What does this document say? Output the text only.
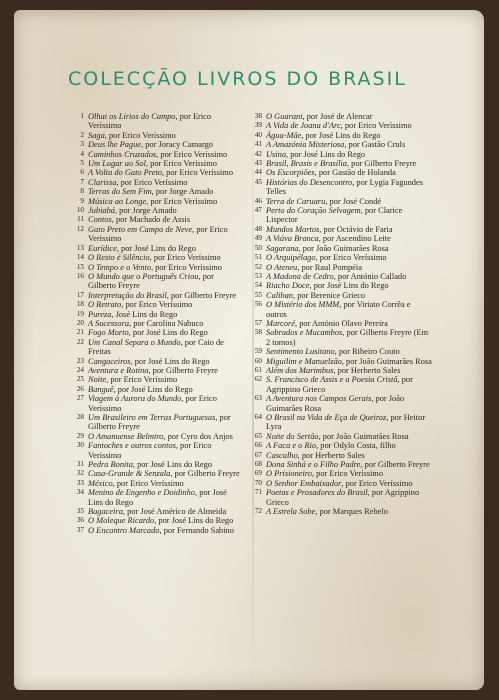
COLECÇÃO LIVROS DO BRASIL
1 Olhai os Lírios do Campo, por Erico Veríssimo
2 Saga, por Erico Veríssimo
3 Deus lhe Pague, por Joracy Camargo
4 Caminhos Cruzados, por Erico Veríssimo
5 Um Lugar ao Sol, por Erico Veríssimo
6 A Volta do Gato Preto, por Erico Veríssimo
7 Clarissa, por Erico Veríssimo
8 Terras do Sem Fim, por Jorge Amado
9 Música ao Longe, por Erico Veríssimo
10 Jubiabá, por Jorge Amado
11 Contos, por Machado de Assis
12 Gato Preto em Campo de Neve, por Erico Veríssimo
13 Eurídice, por José Lins do Rego
14 O Resto é Silêncio, por Erico Veríssimo
15 O Tempo e o Vento, por Erico Veríssimo
16 O Mundo que o Português Criou, por Gilberto Freyre
17 Interpretação do Brasil, por Gilberto Freyre
18 O Retrato, por Erico Veríssimo
19 Pureza, José Lins do Rego
20 A Sucessora, por Carolina Nabuco
21 Fogo Morto, por José Lins do Rego
22 Um Canal Separa o Mundo, por Caio de Freitas
23 Cangaceiros, por José Lins do Rego
24 Aventura e Rotina, por Gilberto Freyre
25 Noite, por Erico Veríssimo
26 Banguê, por José Lins do Rego
27 Viagem à Aurora do Mundo, por Erico Veríssimo
28 Um Brasileiro em Terras Portuguesas, por Gilberto Freyre
29 O Amanuense Belmiro, por Cyro dos Anjos
30 Fantoches e outros contos, por Erico Veríssimo
31 Pedra Bonita, por José Lins do Rego
32 Casa-Grande & Senzala, por Gilberto Freyre
33 México, por Erico Veríssimo
34 Menino de Engenho e Doidinho, por José Lins do Rego
35 Bagaceira, por José Américo de Almeida
36 O Moleque Ricardo, por José Lins do Rego
37 O Encontro Marcado, por Fernando Sabino
38 O Guarani, por José de Alencar
39 A Vida de Joana d'Arc, por Erico Veríssimo
40 Água-Mãe, por José Lins do Rego
41 A Amazónia Misteriosa, por Gastão Cruls
42 Usina, por José Lins do Rego
43 Brasil, Brasis e Brasília, por Gilberto Freyre
44 Os Escorpiões, por Gastão de Holanda
45 Histórias do Desencontro, por Lygia Fagundes Telles
46 Terra de Caruaru, por José Condé
47 Perto do Coração Selvagem, por Clarice Lispector
48 Mundos Mortos, por Octávio de Faria
49 A Viúva Branca, por Ascendino Leite
50 Sagarana, por João Guimarães Rosa
51 O Arquipélago, por Erico Veríssimo
52 O Ateneu, por Raul Pompéia
53 A Madona de Cedro, por António Callado
54 Riacho Doce, por José Lins do Rego
55 Caliban, por Berenice Grieco
56 O Mistério dos MMM, por Viriato Corrêa e outros
57 Marcoré, por António Olavo Pereira
58 Sobrados e Mucambos, por Gilberto Freyre (Em 2 tomos)
59 Sentimento Lusitano, por Ribeiro Couto
60 Miguilim e Manuelzão, por João Guimarães Rosa
61 Além dos Marimbus, por Herberto Sales
62 S. Francisco de Assis e a Poesia Cristã, por Agrippino Grieco
63 A Aventura nos Campos Gerais, por João Guimarães Rosa
64 O Brasil na Vida de Eça de Queiroz, por Heitor Lyra
65 Noite do Sertão, por João Guimarães Rosa
66 A Faca e o Rio, por Odylo Costa, filho
67 Cascalho, por Herberto Sales
68 Dona Sinhá e o Filho Padre, por Gilberto Freyre
69 O Prisioneiro, por Erico Veríssimo
70 O Senhor Embaixador, por Erico Veríssimo
71 Poetas e Prosadores do Brasil, por Agrippino Grieco
72 A Estrela Sobe, por Marques Rebelo
